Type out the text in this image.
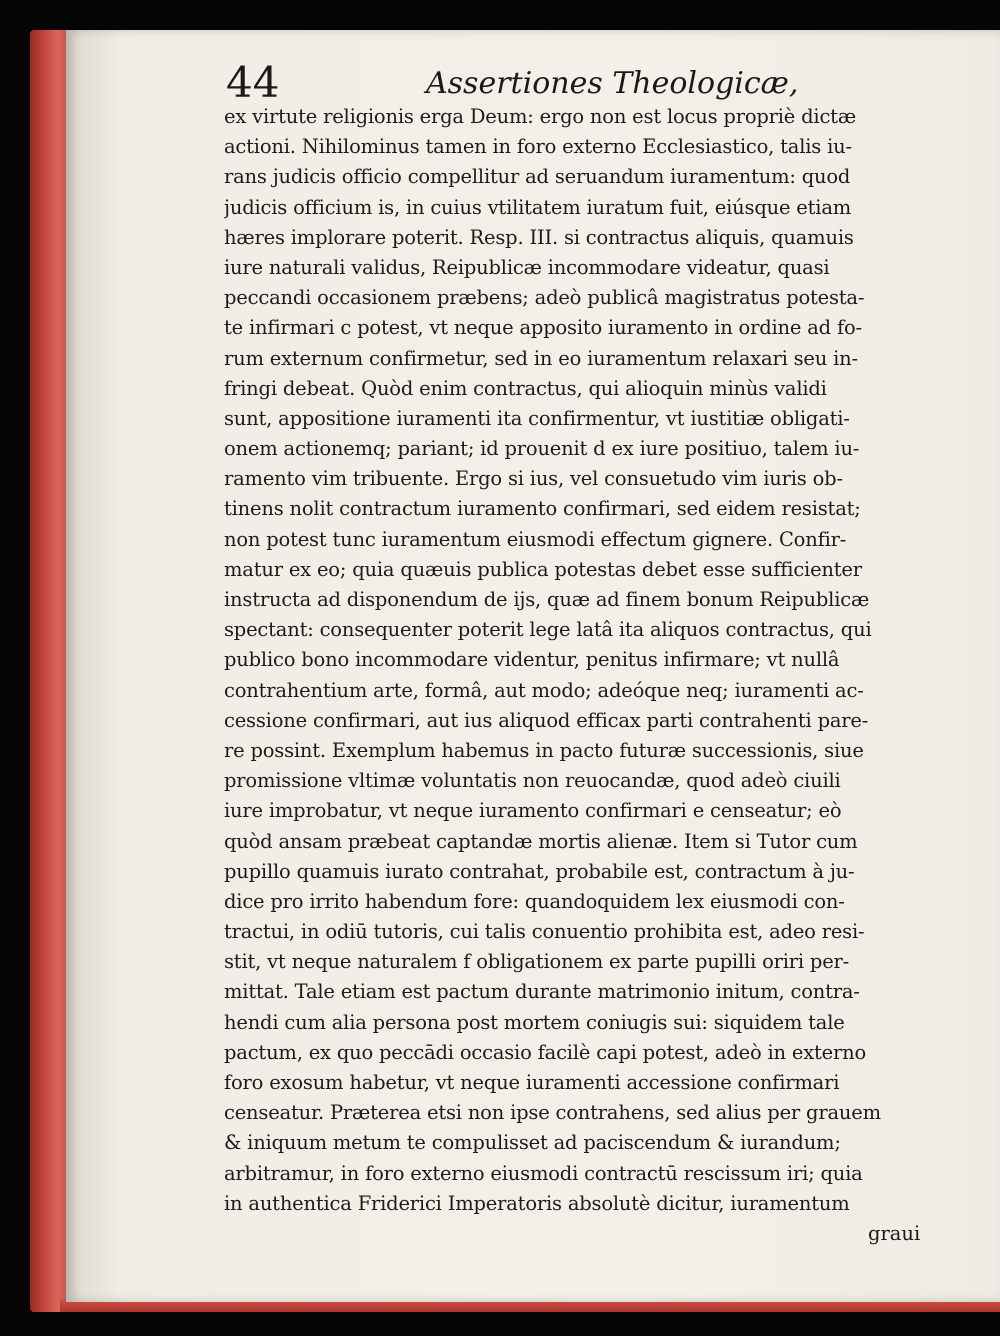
44	Assertiones Theologicæ,
ex virtute religionis erga Deum: ergo non est locus propriè dictæ
actioni. Nihilominus tamen in foro externo Ecclesiastico, talis iu-
rans judicis officio compellitur ad seruandum iuramentum: quod
judicis officium is, in cuius vtilitatem iuratum fuit, eiúsque etiam
hæres implorare poterit. Resp. III. si contractus aliquis, quamuis
iure naturali validus, Reipublicæ incommodare videatur, quasi
peccandi occasionem præbens; adeò publicâ magistratus potesta-
te infirmari c potest, vt neque apposito iuramento in ordine ad fo-
rum externum confirmetur, sed in eo iuramentum relaxari seu in-
fringi debeat. Quòd enim contractus, qui alioquin minùs validi
sunt, appositione iuramenti ita confirmentur, vt iustitiæ obligati-
onem actionemq; pariant; id prouenit d ex iure positiuo, talem iu-
ramento vim tribuente. Ergo si ius, vel consuetudo vim iuris ob-
tinens nolit contractum iuramento confirmari, sed eidem resistat;
non potest tunc iuramentum eiusmodi effectum gignere. Confir-
matur ex eo; quia quæuis publica potestas debet esse sufficienter
instructa ad disponendum de ijs, quæ ad finem bonum Reipublicæ
spectant: consequenter poterit lege latâ ita aliquos contractus, qui
publico bono incommodare videntur, penitus infirmare; vt nullâ
contrahentium arte, formâ, aut modo; adeóque neq; iuramenti ac-
cessione confirmari, aut ius aliquod efficax parti contrahenti pare-
re possint. Exemplum habemus in pacto futuræ successionis, siue
promissione vltimæ voluntatis non reuocandæ, quod adeò ciuili
iure improbatur, vt neque iuramento confirmari e censeatur; eò
quòd ansam præbeat captandæ mortis alienæ. Item si Tutor cum
pupillo quamuis iurato contrahat, probabile est, contractum à ju-
dice pro irrito habendum fore: quandoquidem lex eiusmodi con-
tractui, in odiū tutoris, cui talis conuentio prohibita est, adeo resi-
stit, vt neque naturalem f obligationem ex parte pupilli oriri per-
mittat. Tale etiam est pactum durante matrimonio initum, contra-
hendi cum alia persona post mortem coniugis sui: siquidem tale
pactum, ex quo peccādi occasio facilè capi potest, adeò in externo
foro exosum habetur, vt neque iuramenti accessione confirmari
censeatur. Præterea etsi non ipse contrahens, sed alius per grauem
& iniquum metum te compulisset ad paciscendum & iurandum;
arbitramur, in foro externo eiusmodi contractū rescissum iri; quia
in authentica Friderici Imperatoris absolutè dicitur, iuramentum
graui
